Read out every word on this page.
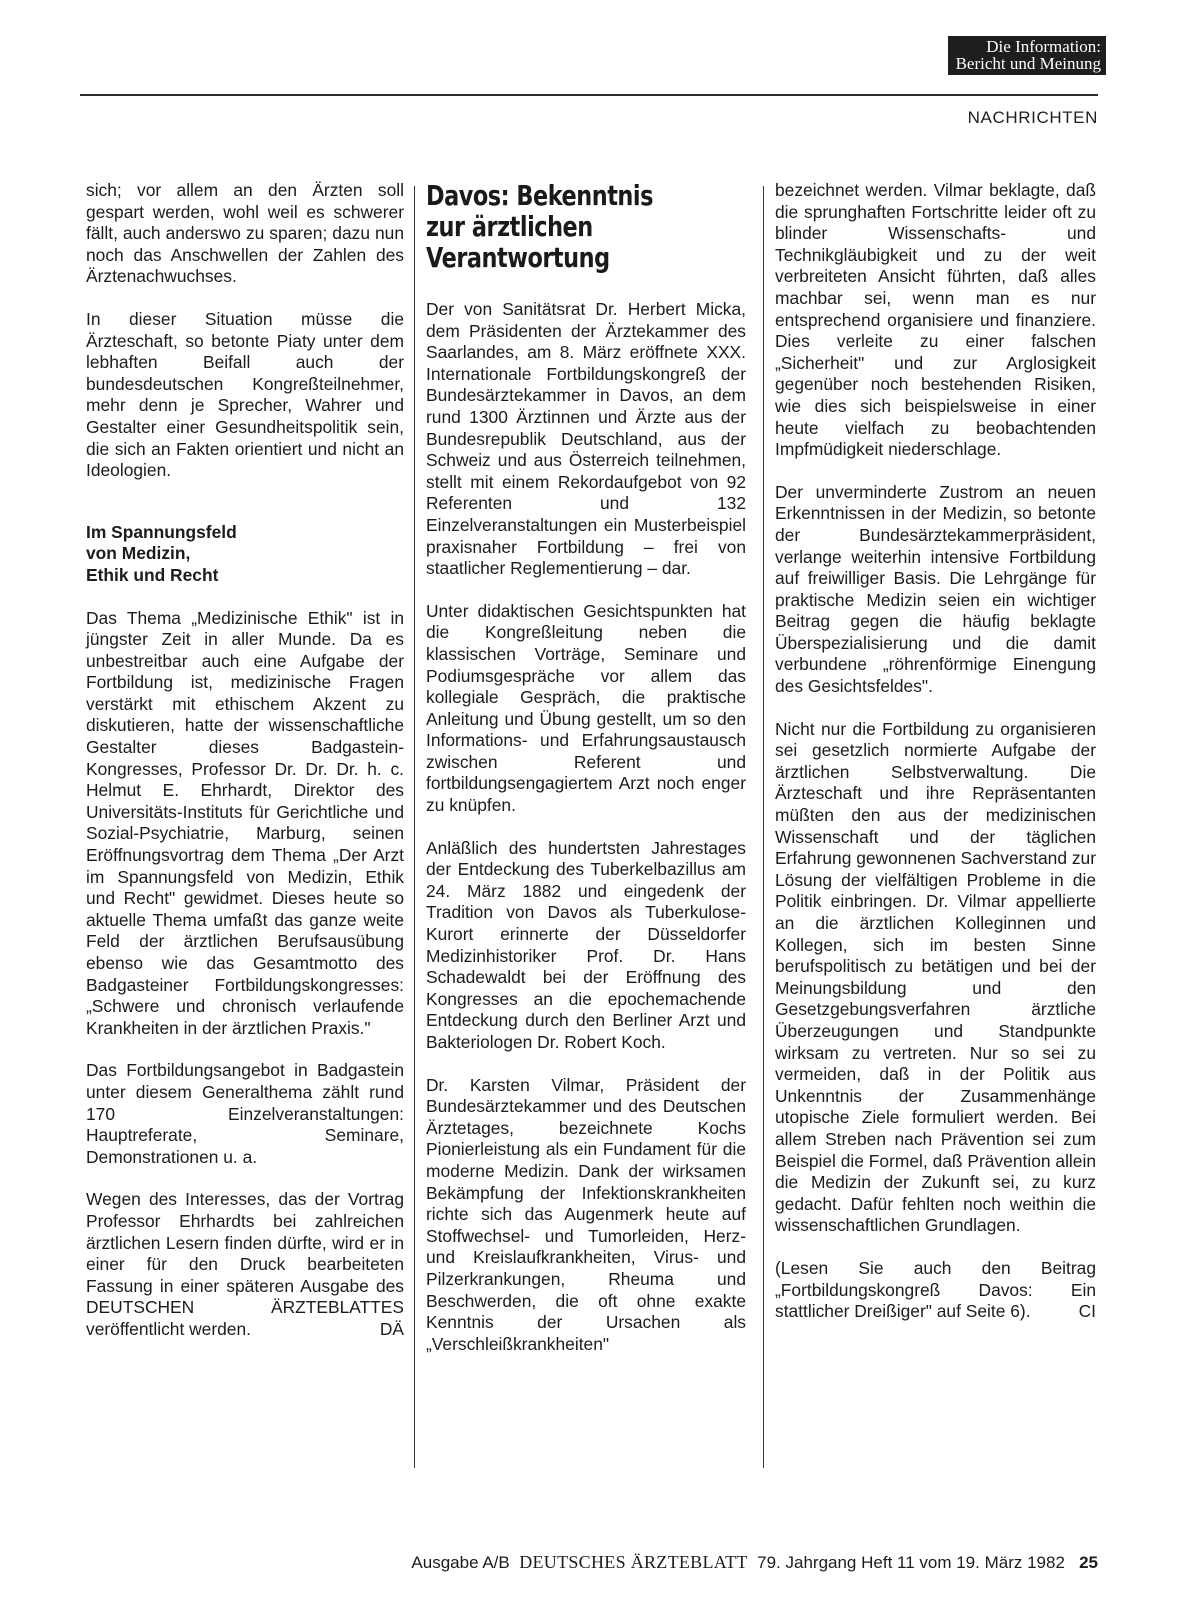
Die Information:
Bericht und Meinung
NACHRICHTEN

sich; vor allem an den Ärzten soll gespart werden, wohl weil es schwerer fällt, auch anderswo zu sparen; dazu nun noch das Anschwellen der Zahlen des Ärztenachwuchses.

In dieser Situation müsse die Ärzteschaft, so betonte Piaty unter dem lebhaften Beifall auch der bundesdeutschen Kongreßteilnehmer, mehr denn je Sprecher, Wahrer und Gestalter einer Gesundheitspolitik sein, die sich an Fakten orientiert und nicht an Ideologien.

Im Spannungsfeld
von Medizin,
Ethik und Recht

Das Thema „Medizinische Ethik" ist in jüngster Zeit in aller Munde. Da es unbestreitbar auch eine Aufgabe der Fortbildung ist, medizinische Fragen verstärkt mit ethischem Akzent zu diskutieren, hatte der wissenschaftliche Gestalter dieses Badgastein-Kongresses, Professor Dr. Dr. Dr. h. c. Helmut E. Ehrhardt, Direktor des Universitäts-Instituts für Gerichtliche und Sozial-Psychiatrie, Marburg, seinen Eröffnungsvortrag dem Thema „Der Arzt im Spannungsfeld von Medizin, Ethik und Recht" gewidmet. Dieses heute so aktuelle Thema umfaßt das ganze weite Feld der ärztlichen Berufsausübung ebenso wie das Gesamtmotto des Badgasteiner Fortbildungskongresses: „Schwere und chronisch verlaufende Krankheiten in der ärztlichen Praxis."

Das Fortbildungsangebot in Badgastein unter diesem Generalthema zählt rund 170 Einzelveranstaltungen: Hauptreferate, Seminare, Demonstrationen u. a.

Wegen des Interesses, das der Vortrag Professor Ehrhardts bei zahlreichen ärztlichen Lesern finden dürfte, wird er in einer für den Druck bearbeiteten Fassung in einer späteren Ausgabe des DEUTSCHEN ÄRZTEBLATTES veröffentlicht werden.	DÄ

Davos: Bekenntnis
zur ärztlichen
Verantwortung

Der von Sanitätsrat Dr. Herbert Micka, dem Präsidenten der Ärztekammer des Saarlandes, am 8. März eröffnete XXX. Internationale Fortbildungskongreß der Bundesärztekammer in Davos, an dem rund 1300 Ärztinnen und Ärzte aus der Bundesrepublik Deutschland, aus der Schweiz und aus Österreich teilnehmen, stellt mit einem Rekordaufgebot von 92 Referenten und 132 Einzelveranstaltungen ein Musterbeispiel praxisnaher Fortbildung – frei von staatlicher Reglementierung – dar.

Unter didaktischen Gesichtspunkten hat die Kongreßleitung neben die klassischen Vorträge, Seminare und Podiumsgespräche vor allem das kollegiale Gespräch, die praktische Anleitung und Übung gestellt, um so den Informations- und Erfahrungsaustausch zwischen Referent und fortbildungsengagiertem Arzt noch enger zu knüpfen.

Anläßlich des hundertsten Jahrestages der Entdeckung des Tuberkelbazillus am 24. März 1882 und eingedenk der Tradition von Davos als Tuberkulose-Kurort erinnerte der Düsseldorfer Medizinhistoriker Prof. Dr. Hans Schadewaldt bei der Eröffnung des Kongresses an die epochemachende Entdeckung durch den Berliner Arzt und Bakteriologen Dr. Robert Koch.

Dr. Karsten Vilmar, Präsident der Bundesärztekammer und des Deutschen Ärztetages, bezeichnete Kochs Pionierleistung als ein Fundament für die moderne Medizin. Dank der wirksamen Bekämpfung der Infektionskrankheiten richte sich das Augenmerk heute auf Stoffwechsel- und Tumorleiden, Herz- und Kreislaufkrankheiten, Virus- und Pilzerkrankungen, Rheuma und Beschwerden, die oft ohne exakte Kenntnis der Ursachen als „Verschleißkrankheiten"

bezeichnet werden. Vilmar beklagte, daß die sprunghaften Fortschritte leider oft zu blinder Wissenschafts- und Technikgläubigkeit und zu der weit verbreiteten Ansicht führten, daß alles machbar sei, wenn man es nur entsprechend organisiere und finanziere. Dies verleite zu einer falschen „Sicherheit" und zur Arglosigkeit gegenüber noch bestehenden Risiken, wie dies sich beispielsweise in einer heute vielfach zu beobachtenden Impfmüdigkeit niederschlage.

Der unverminderte Zustrom an neuen Erkenntnissen in der Medizin, so betonte der Bundesärztekammerpräsident, verlange weiterhin intensive Fortbildung auf freiwilliger Basis. Die Lehrgänge für praktische Medizin seien ein wichtiger Beitrag gegen die häufig beklagte Überspezialisierung und die damit verbundene „röhrenförmige Einengung des Gesichtsfeldes".

Nicht nur die Fortbildung zu organisieren sei gesetzlich normierte Aufgabe der ärztlichen Selbstverwaltung. Die Ärzteschaft und ihre Repräsentanten müßten den aus der medizinischen Wissenschaft und der täglichen Erfahrung gewonnenen Sachverstand zur Lösung der vielfältigen Probleme in die Politik einbringen. Dr. Vilmar appellierte an die ärztlichen Kolleginnen und Kollegen, sich im besten Sinne berufspolitisch zu betätigen und bei der Meinungsbildung und den Gesetzgebungsverfahren ärztliche Überzeugungen und Standpunkte wirksam zu vertreten. Nur so sei zu vermeiden, daß in der Politik aus Unkenntnis der Zusammenhänge utopische Ziele formuliert werden. Bei allem Streben nach Prävention sei zum Beispiel die Formel, daß Prävention allein die Medizin der Zukunft sei, zu kurz gedacht. Dafür fehlten noch weithin die wissenschaftlichen Grundlagen.

(Lesen Sie auch den Beitrag „Fortbildungskongreß Davos: Ein stattlicher Dreißiger" auf Seite 6).	CI

Ausgabe A/B DEUTSCHES ÄRZTEBLATT 79. Jahrgang Heft 11 vom 19. März 1982 25
